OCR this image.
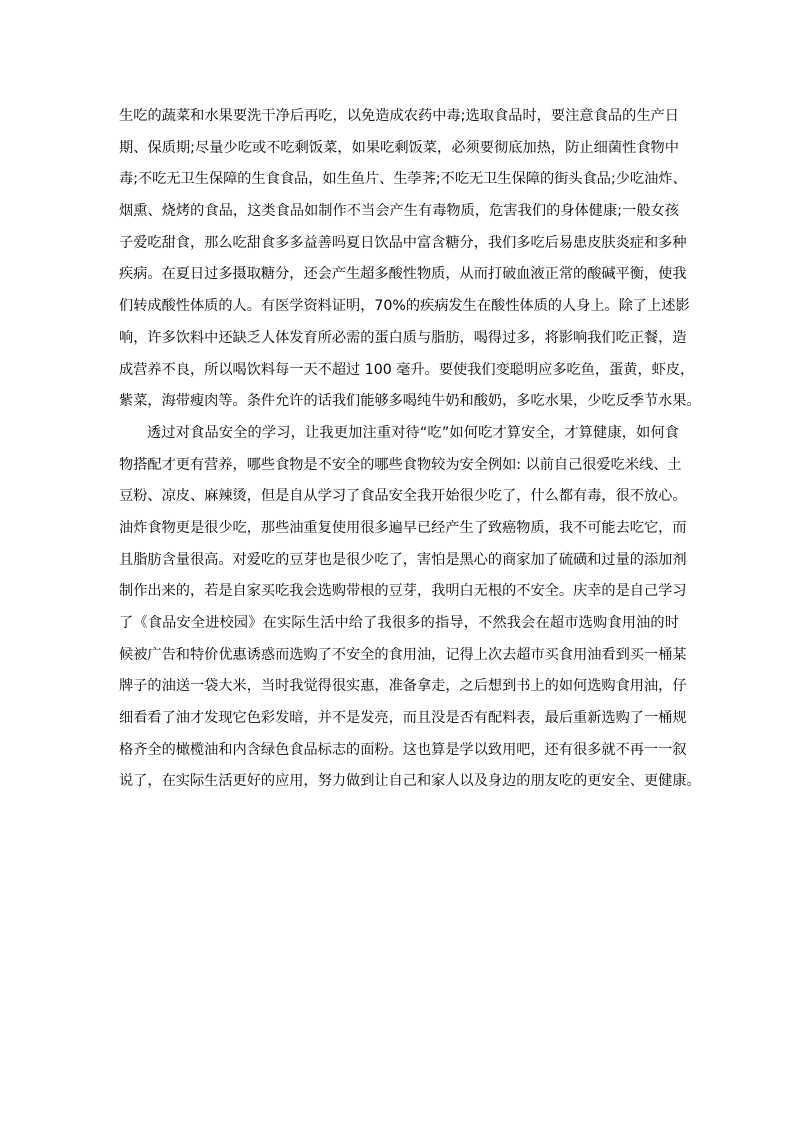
生吃的蔬菜和水果要洗干净后再吃，以免造成农药中毒;选取食品时，要注意食品的生产日
期、保质期;尽量少吃或不吃剩饭菜，如果吃剩饭菜，必须要彻底加热，防止细菌性食物中
毒;不吃无卫生保障的生食食品，如生鱼片、生荸荠;不吃无卫生保障的街头食品;少吃油炸、
烟熏、烧烤的食品，这类食品如制作不当会产生有毒物质，危害我们的身体健康;一般女孩
子爱吃甜食，那么吃甜食多多益善吗夏日饮品中富含糖分，我们多吃后易患皮肤炎症和多种
疾病。在夏日过多摄取糖分，还会产生超多酸性物质，从而打破血液正常的酸碱平衡，使我
们转成酸性体质的人。有医学资料证明，70%的疾病发生在酸性体质的人身上。除了上述影
响，许多饮料中还缺乏人体发育所必需的蛋白质与脂肪，喝得过多，将影响我们吃正餐，造
成营养不良，所以喝饮料每一天不超过 100 毫升。要使我们变聪明应多吃鱼，蛋黄，虾皮，
紫菜，海带瘦肉等。条件允许的话我们能够多喝纯牛奶和酸奶，多吃水果，少吃反季节水果。
透过对食品安全的学习，让我更加注重对待“吃”如何吃才算安全，才算健康，如何食
物搭配才更有营养，哪些食物是不安全的哪些食物较为安全例如: 以前自己很爱吃米线、土
豆粉、凉皮、麻辣烫，但是自从学习了食品安全我开始很少吃了，什么都有毒，很不放心。
油炸食物更是很少吃，那些油重复使用很多遍早已经产生了致癌物质，我不可能去吃它，而
且脂肪含量很高。对爱吃的豆芽也是很少吃了，害怕是黑心的商家加了硫磺和过量的添加剂
制作出来的，若是自家买吃我会选购带根的豆芽，我明白无根的不安全。庆幸的是自己学习
了《食品安全进校园》在实际生活中给了我很多的指导，不然我会在超市选购食用油的时
候被广告和特价优惠诱惑而选购了不安全的食用油，记得上次去超市买食用油看到买一桶某
牌子的油送一袋大米，当时我觉得很实惠，准备拿走，之后想到书上的如何选购食用油，仔
细看看了油才发现它色彩发暗，并不是发亮，而且没是否有配料表，最后重新选购了一桶规
格齐全的橄榄油和内含绿色食品标志的面粉。这也算是学以致用吧，还有很多就不再一一叙
说了，在实际生活更好的应用，努力做到让自己和家人以及身边的朋友吃的更安全、更健康。
